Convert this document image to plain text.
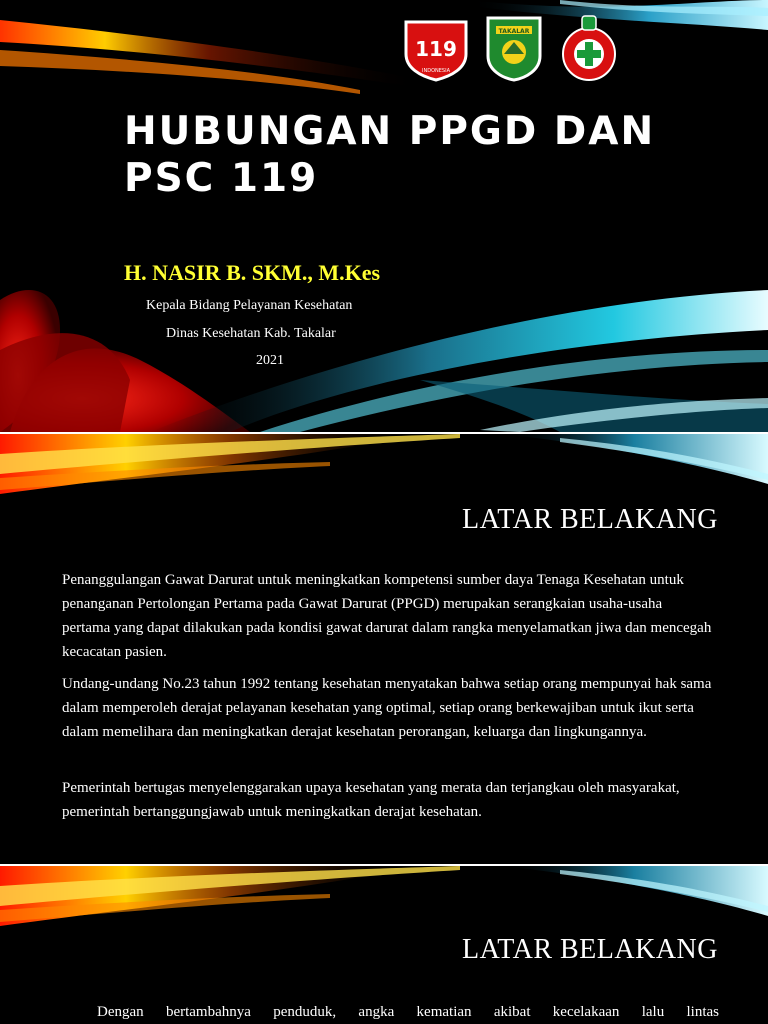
119
INDONESIA
TAKALAR
HUBUNGAN PPGD DAN
PSC 119
H. NASIR B. SKM., M.Kes
Kepala Bidang Pelayanan Kesehatan
Dinas Kesehatan Kab. Takalar
2021
LATAR BELAKANG

Penanggulangan Gawat Darurat untuk meningkatkan kompetensi sumber daya Tenaga Kesehatan untuk penanganan Pertolongan Pertama pada Gawat Darurat (PPGD) merupakan serangkaian usaha-usaha pertama yang dapat dilakukan pada kondisi gawat darurat dalam rangka menyelamatkan jiwa dan mencegah kecacatan pasien.

Undang-undang No.23 tahun 1992 tentang kesehatan menyatakan bahwa setiap orang mempunyai hak sama dalam memperoleh derajat pelayanan kesehatan yang optimal, setiap orang berkewajiban untuk ikut serta dalam memelihara dan meningkatkan derajat kesehatan perorangan, keluarga dan lingkungannya.

Pemerintah bertugas menyelenggarakan upaya kesehatan yang merata dan terjangkau oleh masyarakat, pemerintah bertanggungjawab untuk meningkatkan derajat kesehatan.

LATAR BELAKANG

Dengan bertambahnya penduduk, angka kematian akibat kecelakaan lalu lintas
